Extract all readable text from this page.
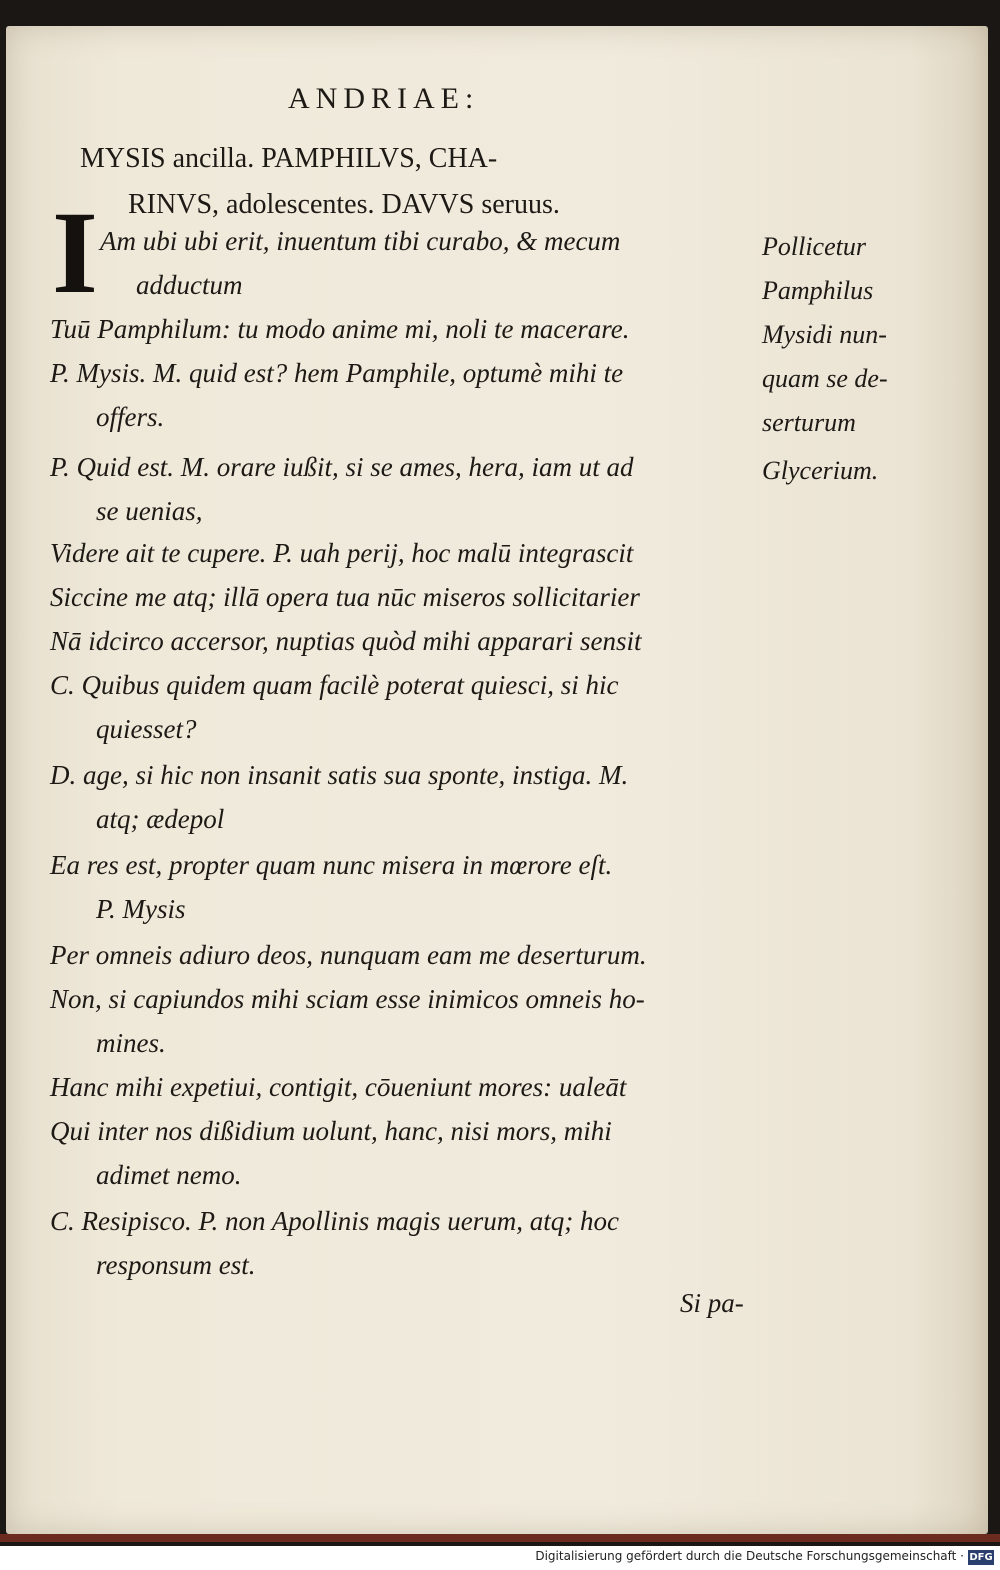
ANDRIAE:
MYSIS ancilla. PAMPHILVS, CHA-
RINVS, adolescentes. DAVVS seruus.
I Am ubi ubi erit, inuentum tibi curabo, & mecum
adductum
Tuū Pamphilum: tu modo anime mi, noli te macerare.
P. Mysis. M. quid est? hem Pamphile, optumè mihi te
offers.
P. Quid est. M. orare iußit, si se ames, hera, iam ut ad
se uenias,
Videre ait te cupere. P. uah perij, hoc malū integrascit
Siccine me atq; illā opera tua nūc miseros sollicitarier
Nā idcirco accersor, nuptias quòd mihi apparari sensit
C. Quibus quidem quam facilè poterat quiesci, si hic
quiesset?
D. age, si hic non insanit satis sua sponte, instiga. M.
atq; ædepol
Ea res est, propter quam nunc misera in mœrore eſt.
P. Mysis
Per omneis adiuro deos, nunquam eam me deserturum.
Non, si capiundos mihi sciam esse inimicos omneis ho-
mines.
Hanc mihi expetiui, contigit, cōueniunt mores: ualeāt
Qui inter nos dißidium uolunt, hanc, nisi mors, mihi
adimet nemo.
C. Resipisco. P. non Apollinis magis uerum, atq; hoc
responsum est.
Pollicetur
Pamphilus
Mysidi nun-
quam se de-
serturum
Glycerium.
Si pa-
Digitalisierung gefördert durch die Deutsche Forschungsgemeinschaft · DFG
